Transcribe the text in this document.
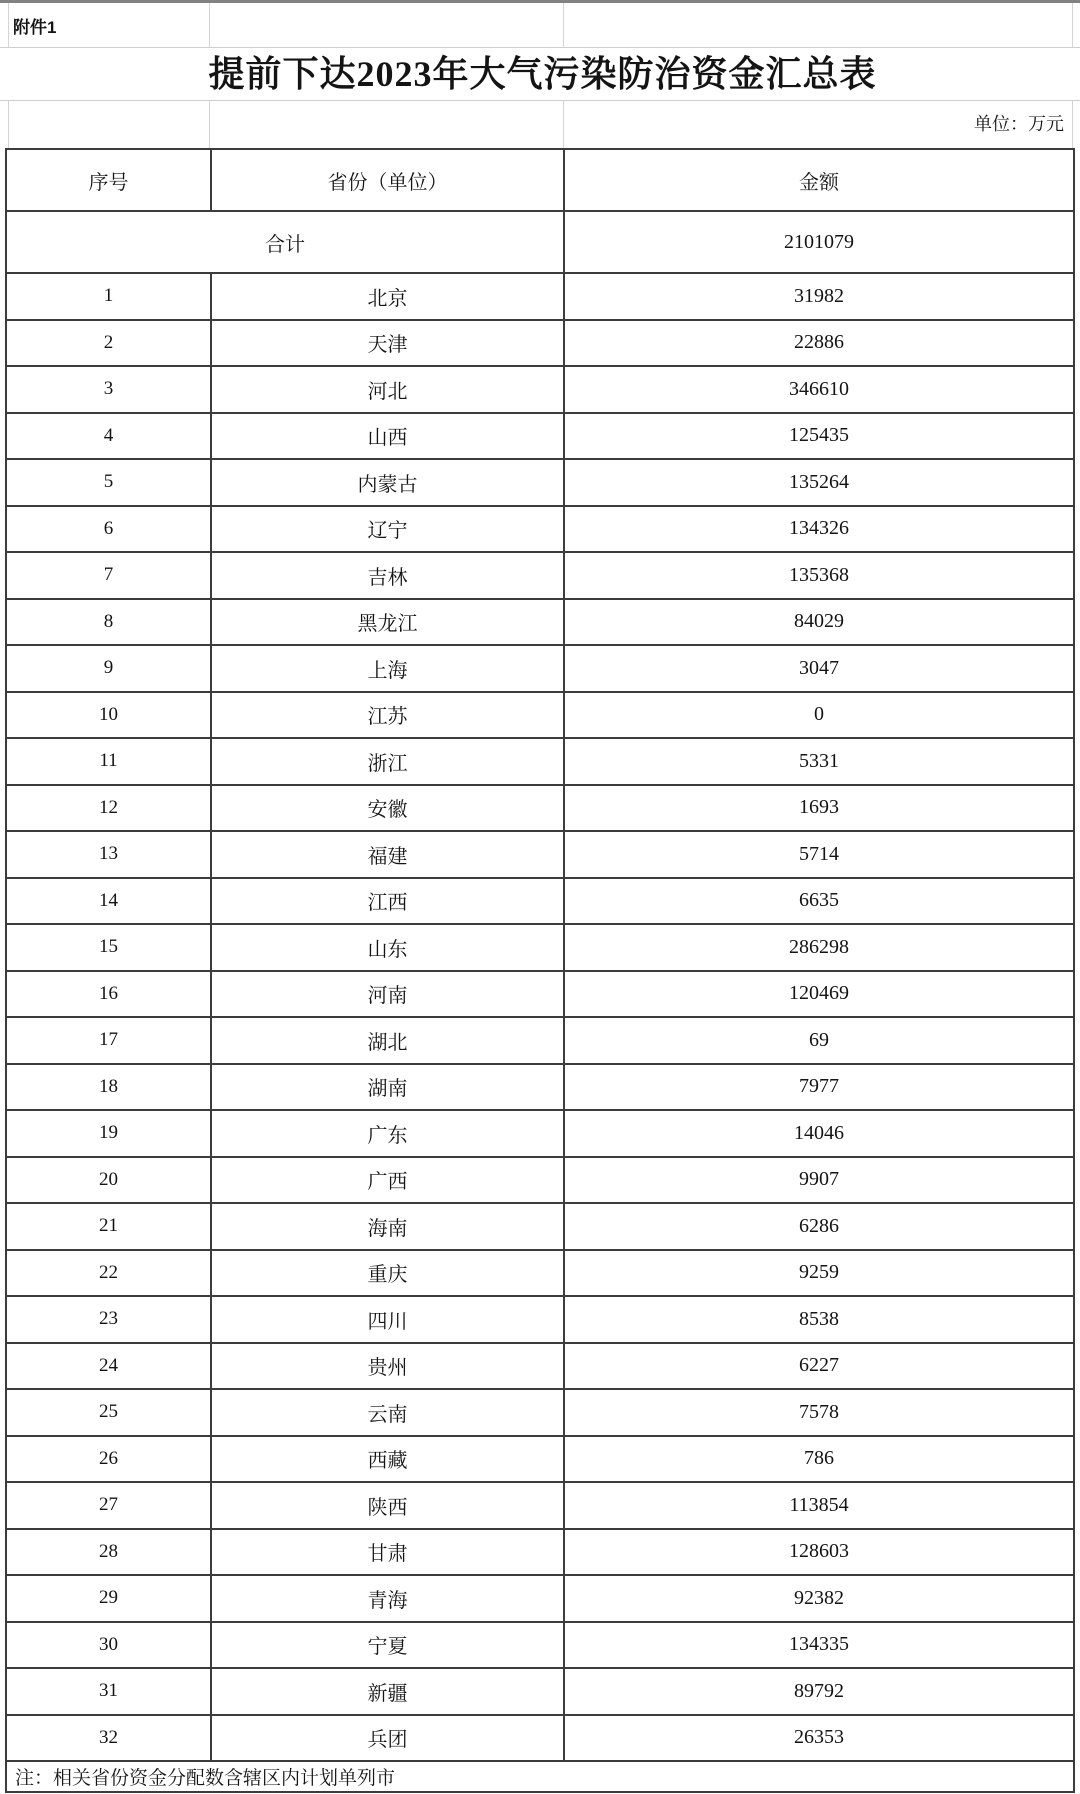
附件1
提前下达2023年大气污染防治资金汇总表
单位：万元
序号	省份（单位）	金额
合计		2101079
1	北京	31982
2	天津	22886
3	河北	346610
4	山西	125435
5	内蒙古	135264
6	辽宁	134326
7	吉林	135368
8	黑龙江	84029
9	上海	3047
10	江苏	0
11	浙江	5331
12	安徽	1693
13	福建	5714
14	江西	6635
15	山东	286298
16	河南	120469
17	湖北	69
18	湖南	7977
19	广东	14046
20	广西	9907
21	海南	6286
22	重庆	9259
23	四川	8538
24	贵州	6227
25	云南	7578
26	西藏	786
27	陕西	113854
28	甘肃	128603
29	青海	92382
30	宁夏	134335
31	新疆	89792
32	兵团	26353
注：相关省份资金分配数含辖区内计划单列市		
